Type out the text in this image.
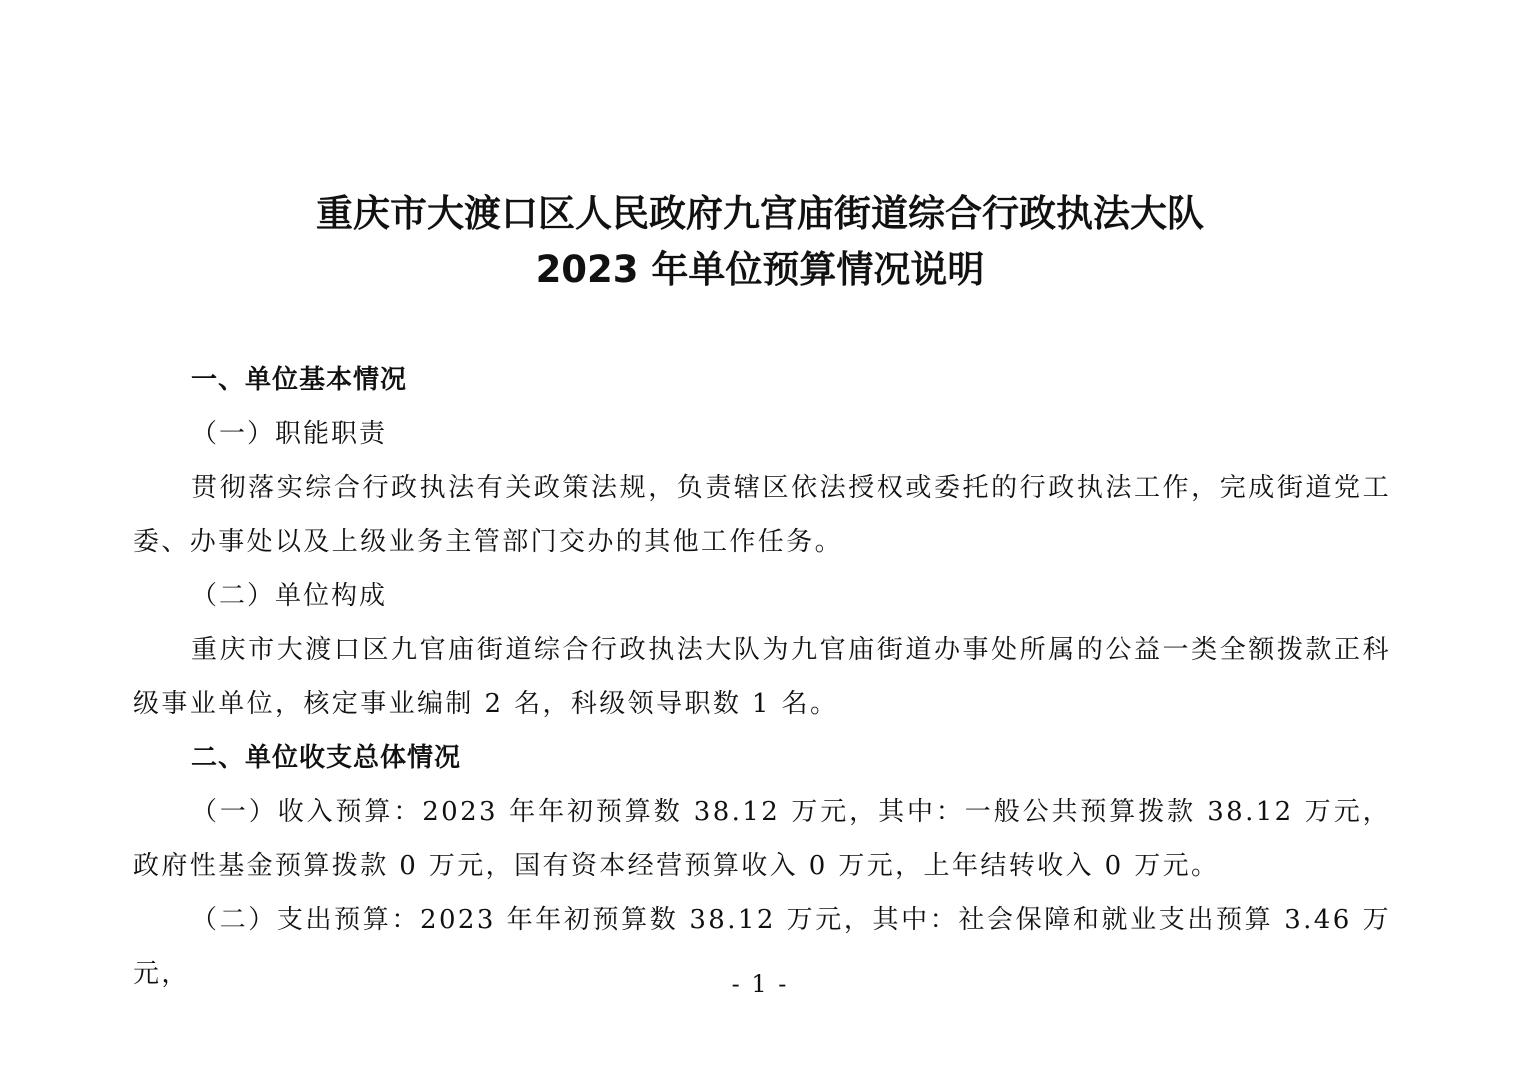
重庆市大渡口区人民政府九宫庙街道综合行政执法大队
2023 年单位预算情况说明

一、单位基本情况

（一）职能职责

贯彻落实综合行政执法有关政策法规，负责辖区依法授权或委托的行政执法工作，完成街道党工委、办事处以及上级业务主管部门交办的其他工作任务。

（二）单位构成

重庆市大渡口区九官庙街道综合行政执法大队为九官庙街道办事处所属的公益一类全额拨款正科级事业单位，核定事业编制 2 名，科级领导职数 1 名。

二、单位收支总体情况

（一）收入预算：2023 年年初预算数 38.12 万元，其中：一般公共预算拨款 38.12 万元，政府性基金预算拨款 0 万元，国有资本经营预算收入 0 万元，上年结转收入 0 万元。

（二）支出预算：2023 年年初预算数 38.12 万元，其中：社会保障和就业支出预算 3.46 万元，	- 1 -
